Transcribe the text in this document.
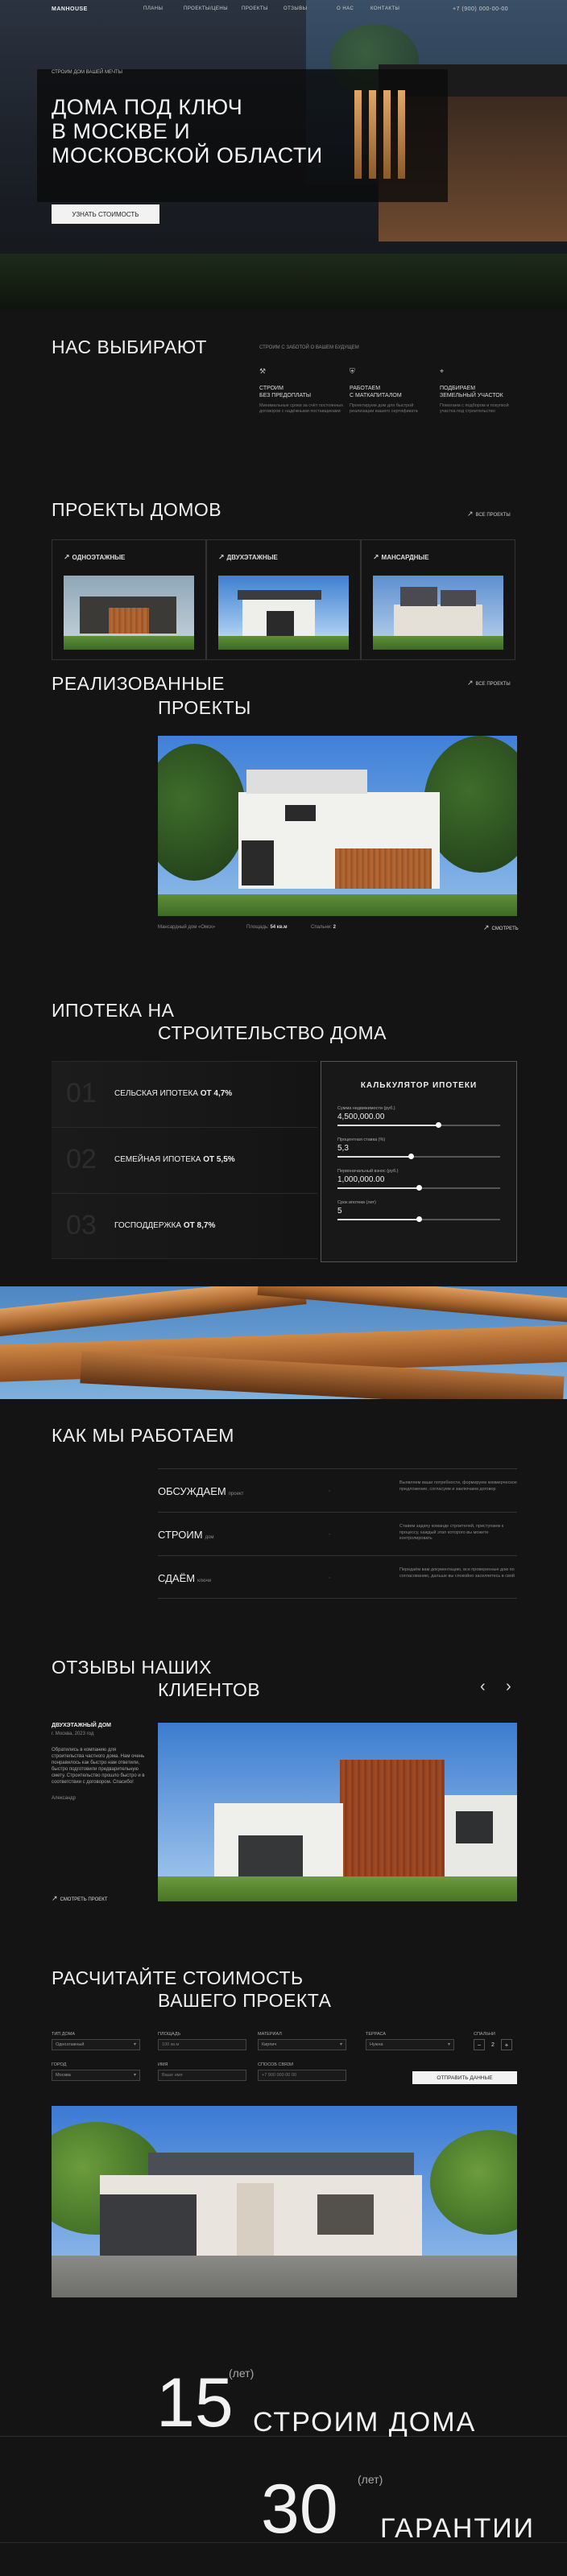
MANHOUSE	ПЛАНЫ	ПРОЕКТЫ/ЦЕНЫ	ПРОЕКТЫ	ОТЗЫВЫ	О НАС	КОНТАКТЫ	+7 (900) 000-00-00
СТРОИМ ДОМ ВАШЕЙ МЕЧТЫ
ДОМА ПОД КЛЮЧ
В МОСКВЕ И
МОСКОВСКОЙ ОБЛАСТИ
УЗНАТЬ СТОИМОСТЬ
НАС ВЫБИРАЮТ	СТРОИМ С ЗАБОТОЙ О ВАШЕМ БУДУЩЕМ
⚒
СТРОИМ
БЕЗ ПРЕДОПЛАТЫ
Минимальные сроки за счёт постоянных договоров с надёжными поставщиками
⛨
РАБОТАЕМ
С МАТКАПИТАЛОМ
Проектируем дом для быстрой реализации вашего сертификата
⌖
ПОДБИРАЕМ
ЗЕМЕЛЬНЫЙ УЧАСТОК
Помогаем с подбором и покупкой участка под строительство
ПРОЕКТЫ ДОМОВ	↗ ВСЕ ПРОЕКТЫ
↗ ОДНОЭТАЖНЫЕ	↗ ДВУХЭТАЖНЫЕ	↗ МАНСАРДНЫЕ
РЕАЛИЗОВАННЫЕ
ПРОЕКТЫ
↗ ВСЕ ПРОЕКТЫ
Мансардный дом «Омск»	Площадь: 54 кв.м	Спальни: 2	↗ СМОТРЕТЬ
ИПОТЕКА НА
СТРОИТЕЛЬСТВО ДОМА
01 СЕЛЬСКАЯ ИПОТЕКА ОТ 4,7%
02 СЕМЕЙНАЯ ИПОТЕКА ОТ 5,5%
03 ГОСПОДДЕРЖКА ОТ 8,7%
КАЛЬКУЛЯТОР ИПОТЕКИ
Сумма недвижимости (руб.)
4,500,000.00
Процентная ставка (%)
5,3
Первоначальный взнос (руб.)
1,000,000.00
Срок ипотеки (лет)
5
КАК МЫ РАБОТАЕМ
ОБСУЖДАЕМ проект	◦
Выявляем ваши потребности, формируем коммерческое предложение, согласуем и заключаем договор
СТРОИМ дом	◦
Ставим задачу команде строителей, приступаем к процессу, каждый этап которого вы можете контролировать
СДАЁМ ключи	◦
Передаём вам документацию, все проверенные дом по согласованию, дальше вы спокойно заселяетесь в свой
ОТЗЫВЫ НАШИХ
КЛИЕНТОВ	‹ ›
ДВУХЭТАЖНЫЙ ДОМ
г. Москва, 2023 год
Обратились в компанию для строительства частного дома. Нам очень понравилось как быстро нам ответили, быстро подготовили предварительную смету. Строительство прошло быстро и в соответствии с договором. Спасибо!
Александр
↗ СМОТРЕТЬ ПРОЕКТ
РАСЧИТАЙТЕ СТОИМОСТЬ
ВАШЕГО ПРОЕКТА
ТИП ДОМА
Одноэтажный ▾
ПЛОЩАДЬ
100 кв.м
МАТЕРИАЛ
Кирпич ▾
ТЕРРАСА
Нужна ▾
СПАЛЬНИ
−	2	+
ГОРОД
Москва ▾
ИМЯ
Ваше имя
СПОСОБ СВЯЗИ
+7 900 000 00 00	ОТПРАВИТЬ ДАННЫЕ
15
(лет)
СТРОИМ ДОМА
30 (лет)
ГАРАНТИИ
